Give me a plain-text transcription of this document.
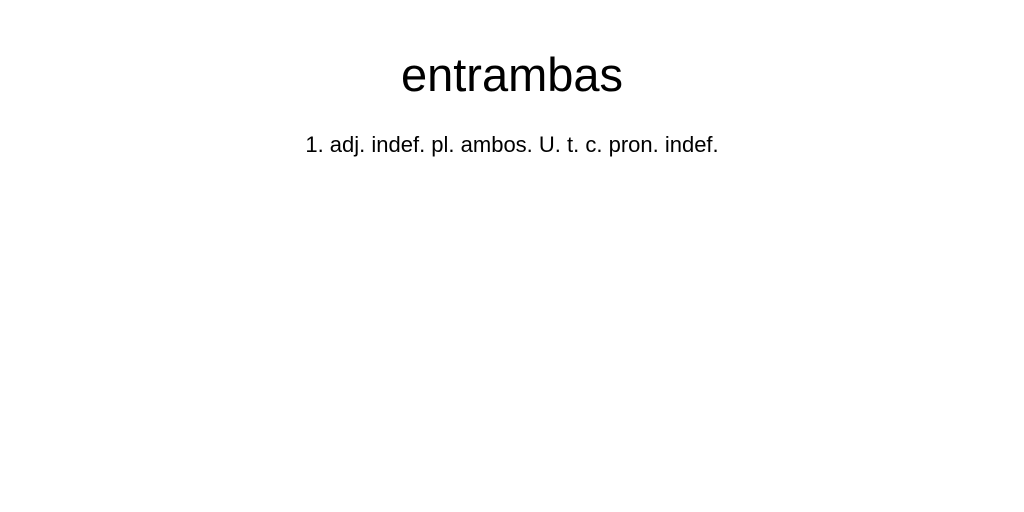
entrambas

1. adj. indef. pl. ambos. U. t. c. pron. indef.
